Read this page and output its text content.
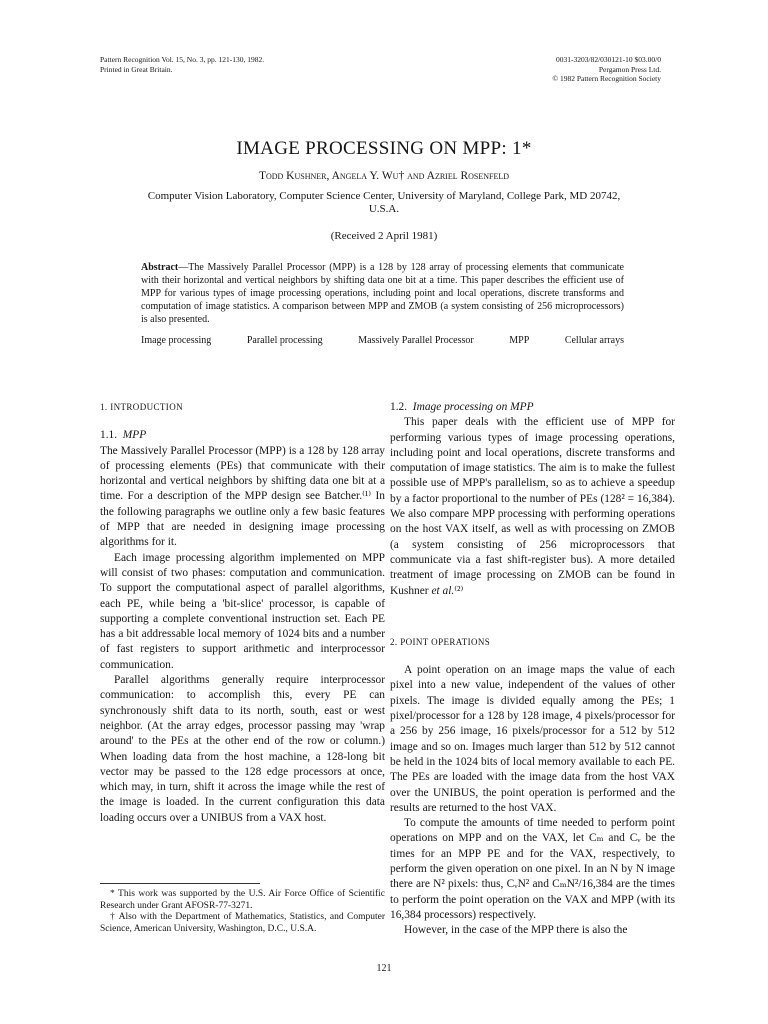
Pattern Recognition Vol. 15, No. 3, pp. 121-130, 1982.
Printed in Great Britain.
0031-3203/82/030121-10 $03.00/0
Pergamon Press Ltd.
© 1982 Pattern Recognition Society
IMAGE PROCESSING ON MPP: 1*
Todd Kushner, Angela Y. Wu† and Azriel Rosenfeld
Computer Vision Laboratory, Computer Science Center, University of Maryland, College Park, MD 20742, U.S.A.
(Received 2 April 1981)

Abstract—The Massively Parallel Processor (MPP) is a 128 by 128 array of processing elements that communicate with their horizontal and vertical neighbors by shifting data one bit at a time. This paper describes the efficient use of MPP for various types of image processing operations, including point and local operations, discrete transforms and computation of image statistics. A comparison between MPP and ZMOB (a system consisting of 256 microprocessors) is also presented.

Image processing	Parallel processing	Massively Parallel Processor	MPP	Cellular arrays

1. INTRODUCTION

1.1. MPP

The Massively Parallel Processor (MPP) is a 128 by 128 array of processing elements (PEs) that communicate with their horizontal and vertical neighbors by shifting data one bit at a time. For a description of the MPP design see Batcher.⁽¹⁾ In the following paragraphs we outline only a few basic features of MPP that are needed in designing image processing algorithms for it.

Each image processing algorithm implemented on MPP will consist of two phases: computation and communication. To support the computational aspect of parallel algorithms, each PE, while being a 'bit-slice' processor, is capable of supporting a complete conventional instruction set. Each PE has a bit addressable local memory of 1024 bits and a number of fast registers to support arithmetic and interprocessor communication.

Parallel algorithms generally require interprocessor communication: to accomplish this, every PE can synchronously shift data to its north, south, east or west neighbor. (At the array edges, processor passing may 'wrap around' to the PEs at the other end of the row or column.) When loading data from the host machine, a 128-long bit vector may be passed to the 128 edge processors at once, which may, in turn, shift it across the image while the rest of the image is loaded. In the current configuration this data loading occurs over a UNIBUS from a VAX host.

1.2. Image processing on MPP

This paper deals with the efficient use of MPP for performing various types of image processing operations, including point and local operations, discrete transforms and computation of image statistics. The aim is to make the fullest possible use of MPP's parallelism, so as to achieve a speedup by a factor proportional to the number of PEs (128² = 16,384). We also compare MPP processing with performing operations on the host VAX itself, as well as with processing on ZMOB (a system consisting of 256 microprocessors that communicate via a fast shift-register bus). A more detailed treatment of image processing on ZMOB can be found in Kushner et al.⁽²⁾

2. POINT OPERATIONS

A point operation on an image maps the value of each pixel into a new value, independent of the values of other pixels. The image is divided equally among the PEs; 1 pixel/processor for a 128 by 128 image, 4 pixels/processor for a 256 by 256 image, 16 pixels/processor for a 512 by 512 image and so on. Images much larger than 512 by 512 cannot be held in the 1024 bits of local memory available to each PE. The PEs are loaded with the image data from the host VAX over the UNIBUS, the point operation is performed and the results are returned to the host VAX.

To compute the amounts of time needed to perform point operations on MPP and on the VAX, let Cₘ and Cᵥ be the times for an MPP PE and for the VAX, respectively, to perform the given operation on one pixel. In an N by N image there are N² pixels: thus, CᵥN² and CₘN²/16,384 are the times to perform the point operation on the VAX and MPP (with its 16,384 processors) respectively.

However, in the case of the MPP there is also the

* This work was supported by the U.S. Air Force Office of Scientific Research under Grant AFOSR-77-3271.

† Also with the Department of Mathematics, Statistics, and Computer Science, American University, Washington, D.C., U.S.A.

121
